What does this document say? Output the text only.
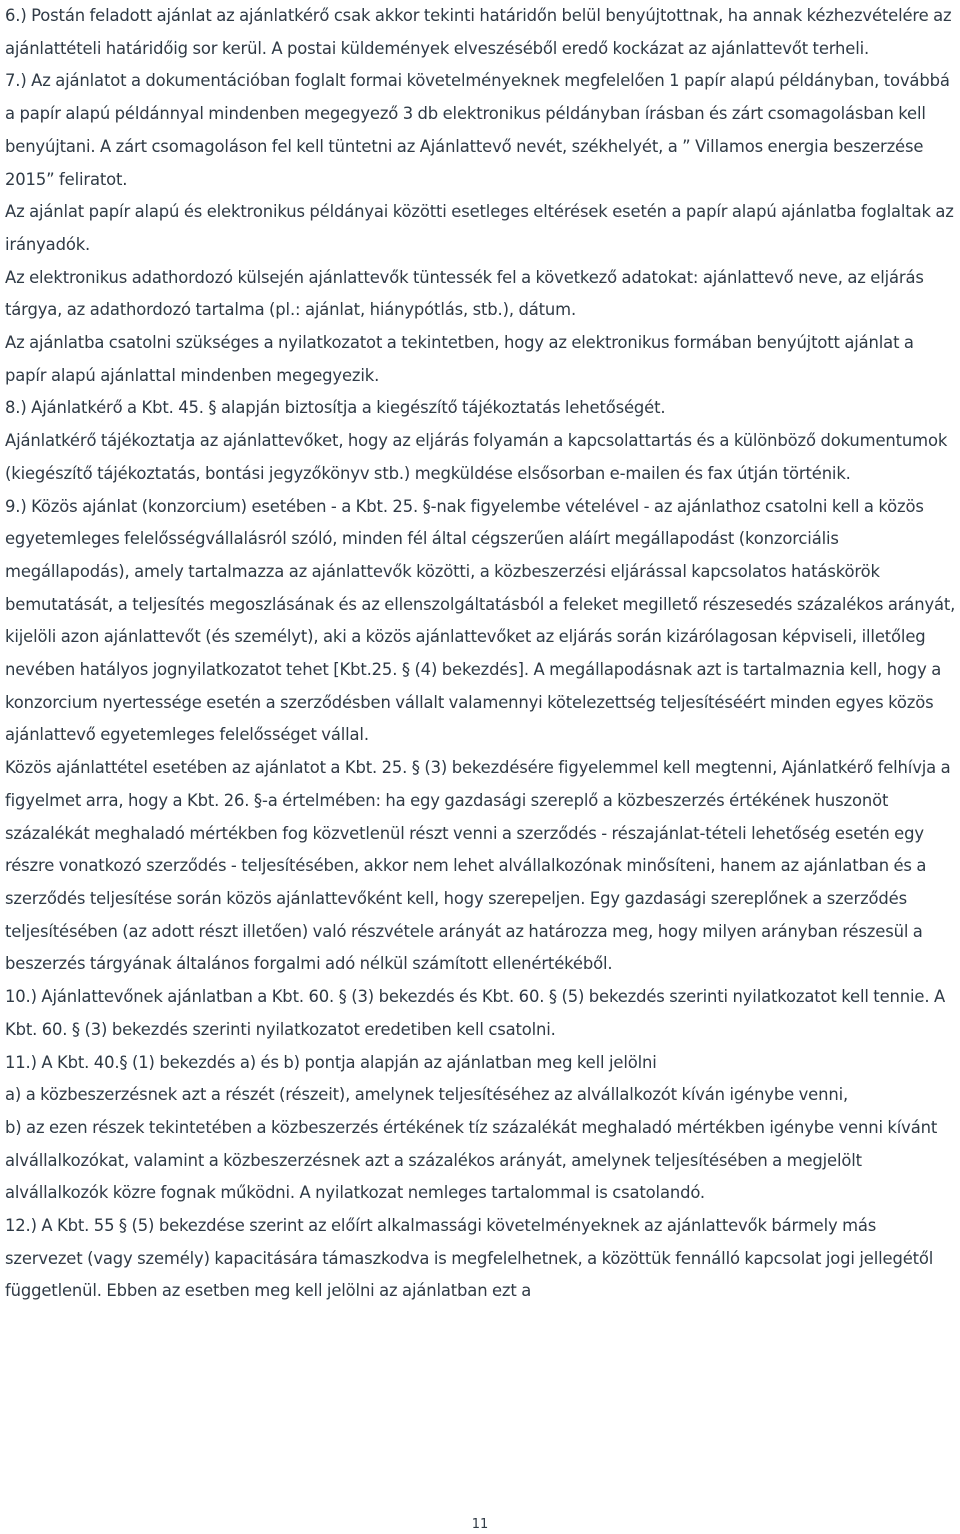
6.) Postán feladott ajánlat az ajánlatkérő csak akkor tekinti határidőn belül benyújtottnak, ha annak kézhezvételére az ajánlattételi határidőig sor kerül. A postai küldemények elveszéséből eredő kockázat az ajánlattevőt terheli.

7.) Az ajánlatot a dokumentációban foglalt formai követelményeknek megfelelően 1 papír alapú példányban, továbbá a papír alapú példánnyal mindenben megegyező 3 db elektronikus példányban írásban és zárt csomagolásban kell benyújtani. A zárt csomagoláson fel kell tüntetni az Ajánlattevő nevét, székhelyét, a ” Villamos energia beszerzése 2015” feliratot.

Az ajánlat papír alapú és elektronikus példányai közötti esetleges eltérések esetén a papír alapú ajánlatba foglaltak az irányadók.

Az elektronikus adathordozó külsején ajánlattevők tüntessék fel a következő adatokat: ajánlattevő neve, az eljárás tárgya, az adathordozó tartalma (pl.: ajánlat, hiánypótlás, stb.), dátum.

Az ajánlatba csatolni szükséges a nyilatkozatot a tekintetben, hogy az elektronikus formában benyújtott ajánlat a papír alapú ajánlattal mindenben megegyezik.

8.) Ajánlatkérő a Kbt. 45. § alapján biztosítja a kiegészítő tájékoztatás lehetőségét.

Ajánlatkérő tájékoztatja az ajánlattevőket, hogy az eljárás folyamán a kapcsolattartás és a különböző dokumentumok (kiegészítő tájékoztatás, bontási jegyzőkönyv stb.) megküldése elsősorban e-mailen és fax útján történik.

9.) Közös ajánlat (konzorcium) esetében - a Kbt. 25. §-nak figyelembe vételével - az ajánlathoz csatolni kell a közös egyetemleges felelősségvállalásról szóló, minden fél által cégszerűen aláírt megállapodást (konzorciális megállapodás), amely tartalmazza az ajánlattevők közötti, a közbeszerzési eljárással kapcsolatos hatáskörök bemutatását, a teljesítés megoszlásának és az ellenszolgáltatásból a feleket megillető részesedés százalékos arányát, kijelöli azon ajánlattevőt (és személyt), aki a közös ajánlattevőket az eljárás során kizárólagosan képviseli, illetőleg nevében hatályos jognyilatkozatot tehet [Kbt.25. § (4) bekezdés]. A megállapodásnak azt is tartalmaznia kell, hogy a konzorcium nyertessége esetén a szerződésben vállalt valamennyi kötelezettség teljesítéséért minden egyes közös ajánlattevő egyetemleges felelősséget vállal.

Közös ajánlattétel esetében az ajánlatot a Kbt. 25. § (3) bekezdésére figyelemmel kell megtenni, Ajánlatkérő felhívja a figyelmet arra, hogy a Kbt. 26. §-a értelmében: ha egy gazdasági szereplő a közbeszerzés értékének huszonöt százalékát meghaladó mértékben fog közvetlenül részt venni a szerződés - részajánlat-tételi lehetőség esetén egy részre vonatkozó szerződés - teljesítésében, akkor nem lehet alvállalkozónak minősíteni, hanem az ajánlatban és a szerződés teljesítése során közös ajánlattevőként kell, hogy szerepeljen. Egy gazdasági szereplőnek a szerződés teljesítésében (az adott részt illetően) való részvétele arányát az határozza meg, hogy milyen arányban részesül a beszerzés tárgyának általános forgalmi adó nélkül számított ellenértékéből.

10.) Ajánlattevőnek ajánlatban a Kbt. 60. § (3) bekezdés és Kbt. 60. § (5) bekezdés szerinti nyilatkozatot kell tennie. A Kbt. 60. § (3) bekezdés szerinti nyilatkozatot eredetiben kell csatolni.

11.) A Kbt. 40.§ (1) bekezdés a) és b) pontja alapján az ajánlatban meg kell jelölni

a) a közbeszerzésnek azt a részét (részeit), amelynek teljesítéséhez az alvállalkozót kíván igénybe venni,

b) az ezen részek tekintetében a közbeszerzés értékének tíz százalékát meghaladó mértékben igénybe venni kívánt alvállalkozókat, valamint a közbeszerzésnek azt a százalékos arányát, amelynek teljesítésében a megjelölt alvállalkozók közre fognak működni. A nyilatkozat nemleges tartalommal is csatolandó.

12.) A Kbt. 55 § (5) bekezdése szerint az előírt alkalmassági követelményeknek az ajánlattevők bármely más szervezet (vagy személy) kapacitására támaszkodva is megfelelhetnek, a közöttük fennálló kapcsolat jogi jellegétől függetlenül. Ebben az esetben meg kell jelölni az ajánlatban ezt a

11
